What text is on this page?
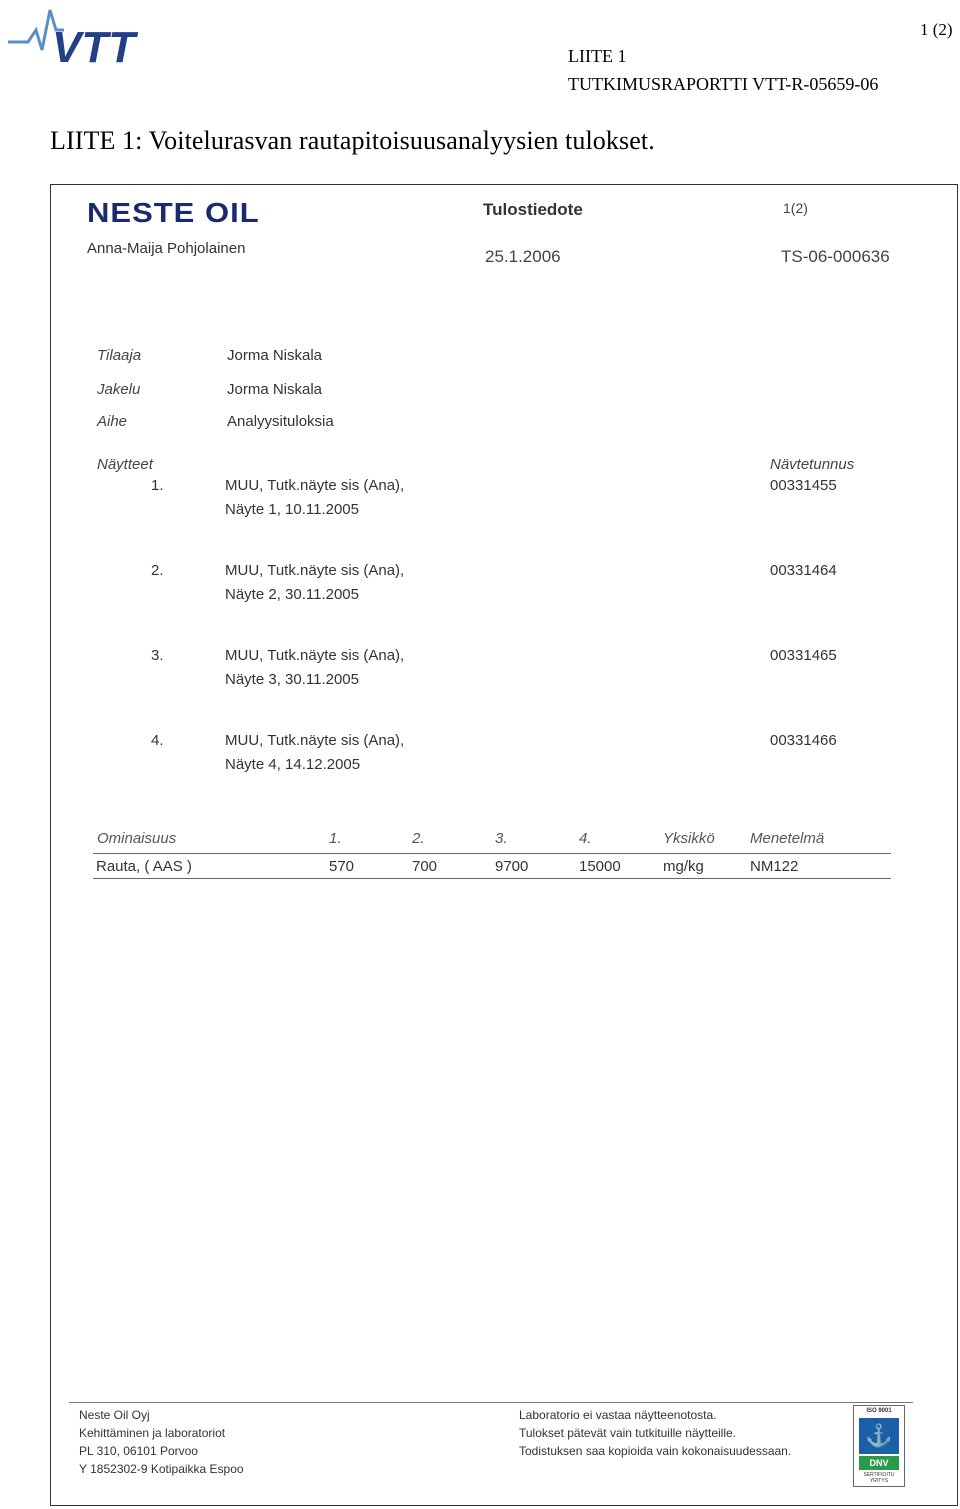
VTT	1 (2)
LIITE 1
TUTKIMUSRAPORTTI VTT-R-05659-06
LIITE 1: Voitelurasvan rautapitoisuusanalyysien tulokset.
NESTE OIL
Anna-Maija Pohjolainen
Tulostiedote	1(2)
25.1.2006	TS-06-000636
Tilaaja	Jorma Niskala
Jakelu	Jorma Niskala
Aihe	Analyysituloksia
Näytteet	Nävtetunnus
1.	MUU, Tutk.näyte sis (Ana),
Näyte 1, 10.11.2005
00331455
2.	MUU, Tutk.näyte sis (Ana),
Näyte 2, 30.11.2005
00331464
3.	MUU, Tutk.näyte sis (Ana),
Näyte 3, 30.11.2005
00331465
4.	MUU, Tutk.näyte sis (Ana),
Näyte 4, 14.12.2005
00331466
Ominaisuus	1.	2.	3.	4.	Yksikkö Menetelmä
Rauta, ( AAS )	570	700	9700	15000	mg/kg	NM122
Neste Oil Oyj
Kehittäminen ja laboratoriot
PL 310, 06101 Porvoo
Y 1852302-9 Kotipaikka Espoo
Laboratorio ei vastaa näytteenotosta.
Tulokset pätevät vain tutkituille näytteille.
Todistuksen saa kopioida vain kokonaisuudessaan.
ISO 9001
⚓
DNV
SERTIFIOITU YRITYS
